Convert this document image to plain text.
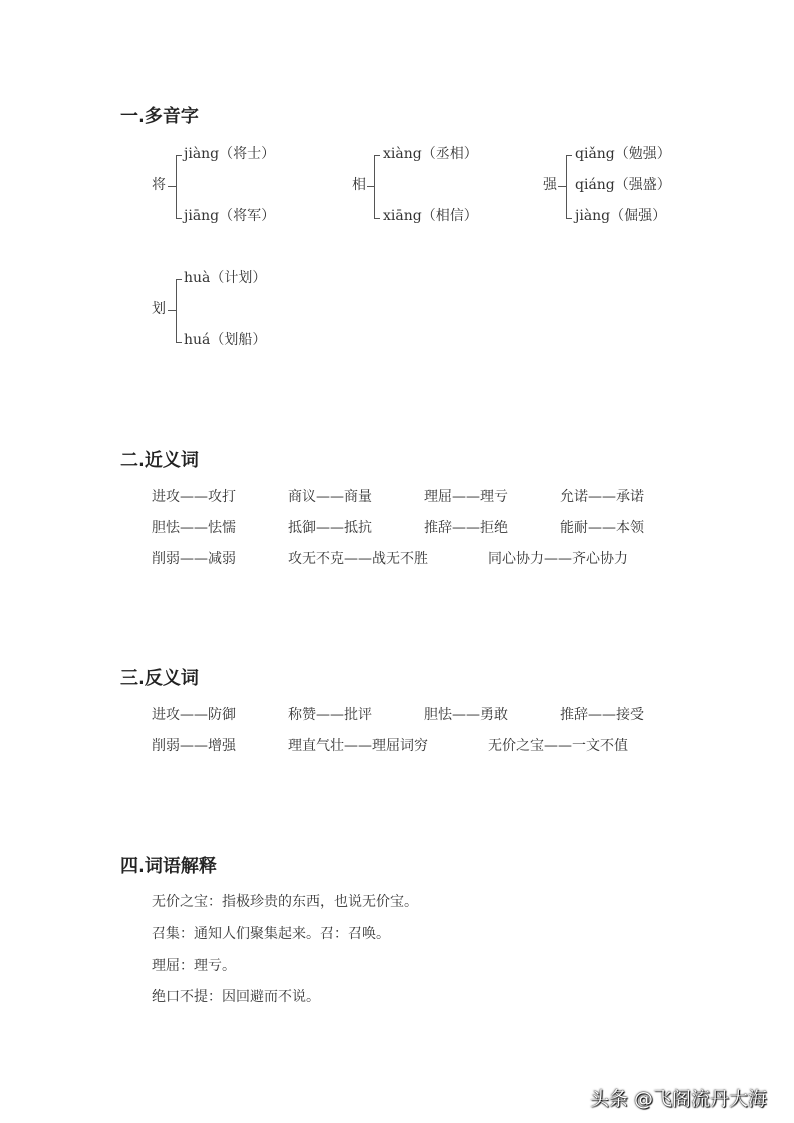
一.多音字
将
jiàng（将士）
jiāng（将军）
相
xiàng（丞相）
xiāng（相信）
强
qiǎng（勉强）
qiáng（强盛）
jiàng（倔强）
划
huà（计划）
huá（划船）
二.近义词
进攻——攻打	商议——商量	理屈——理亏	允诺——承诺
胆怯——怯懦	抵御——抵抗	推辞——拒绝	能耐——本领
削弱——减弱	攻无不克——战无不胜	同心协力——齐心协力
三.反义词
进攻——防御	称赞——批评	胆怯——勇敢	推辞——接受
削弱——增强	理直气壮——理屈词穷	无价之宝——一文不值
四.词语解释
无价之宝：指极珍贵的东西，也说无价宝。
召集：通知人们聚集起来。召：召唤。
理屈：理亏。
绝口不提：因回避而不说。
头条 @飞阁流丹大海
